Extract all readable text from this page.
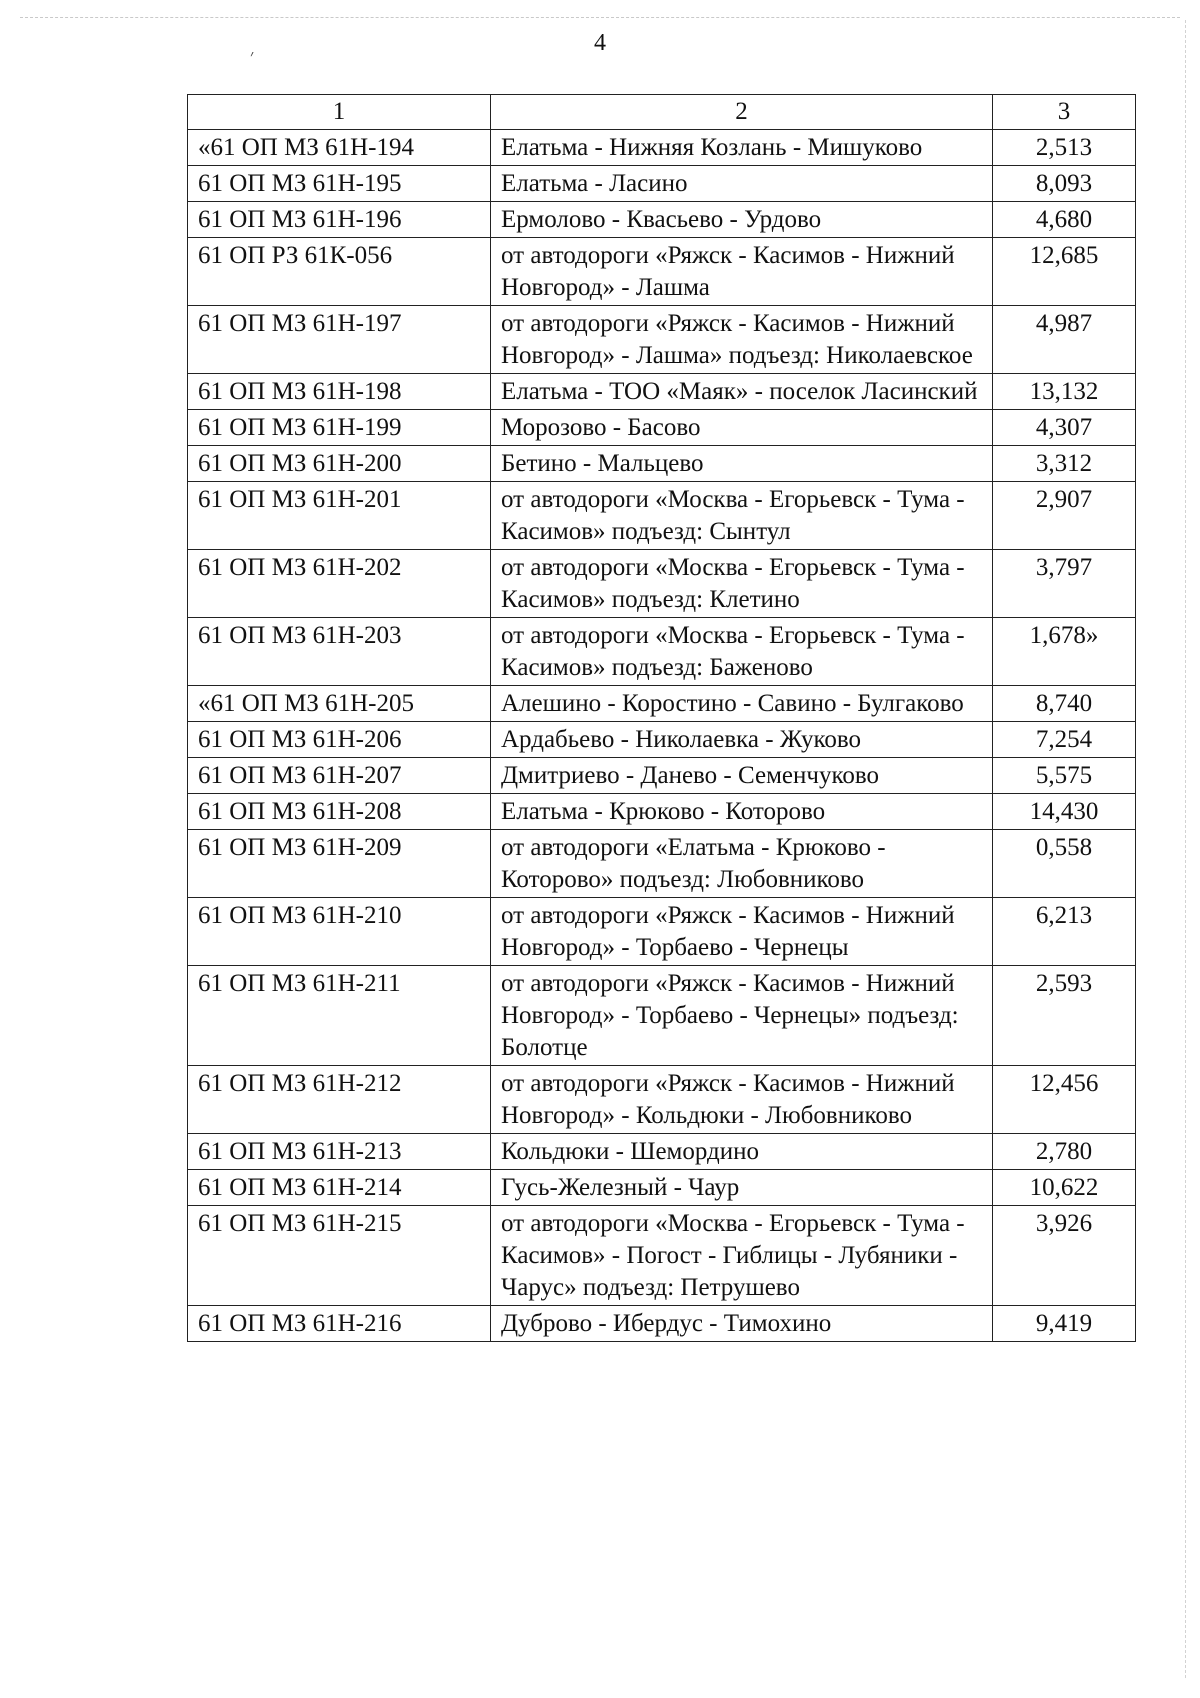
4
׳
1	2	3
«61 ОП МЗ 61Н-194	Елатьма - Нижняя Козлань - Мишуково	2,513
61 ОП МЗ 61Н-195	Елатьма - Ласино	8,093
61 ОП МЗ 61Н-196	Ермолово - Квасьево - Урдово	4,680
61 ОП РЗ 61К-056	от автодороги «Ряжск - Касимов - Нижний Новгород» - Лашма	12,685
61 ОП МЗ 61Н-197	от автодороги «Ряжск - Касимов - Нижний Новгород» - Лашма» подъезд: Николаевское	4,987
61 ОП МЗ 61Н-198	Елатьма - ТОО «Маяк» - поселок Ласинский	13,132
61 ОП МЗ 61Н-199	Морозово - Басово	4,307
61 ОП МЗ 61Н-200	Бетино - Мальцево	3,312
61 ОП МЗ 61Н-201	от автодороги «Москва - Егорьевск - Тума - Касимов» подъезд: Сынтул	2,907
61 ОП МЗ 61Н-202	от автодороги «Москва - Егорьевск - Тума - Касимов» подъезд: Клетино	3,797
61 ОП МЗ 61Н-203	от автодороги «Москва - Егорьевск - Тума - Касимов» подъезд: Баженово	1,678»
«61 ОП МЗ 61Н-205	Алешино - Коростино - Савино - Булгаково	8,740
61 ОП МЗ 61Н-206	Ардабьево - Николаевка - Жуково	7,254
61 ОП МЗ 61Н-207	Дмитриево - Данево - Семенчуково	5,575
61 ОП МЗ 61Н-208	Елатьма - Крюково - Которово	14,430
61 ОП МЗ 61Н-209	от автодороги «Елатьма - Крюково - Которово» подъезд: Любовниково	0,558
61 ОП МЗ 61Н-210	от автодороги «Ряжск - Касимов - Нижний Новгород» - Торбаево - Чернецы	6,213
61 ОП МЗ 61Н-211	от автодороги «Ряжск - Касимов - Нижний Новгород» - Торбаево - Чернецы» подъезд: Болотце	2,593
61 ОП МЗ 61Н-212	от автодороги «Ряжск - Касимов - Нижний Новгород» - Кольдюки - Любовниково	12,456
61 ОП МЗ 61Н-213	Кольдюки - Шемордино	2,780
61 ОП МЗ 61Н-214	Гусь-Железный - Чаур	10,622
61 ОП МЗ 61Н-215	от автодороги «Москва - Егорьевск - Тума - Касимов» - Погост - Гиблицы - Лубяники - Чарус» подъезд: Петрушево	3,926
61 ОП МЗ 61Н-216	Дуброво - Ибердус - Тимохино	9,419
